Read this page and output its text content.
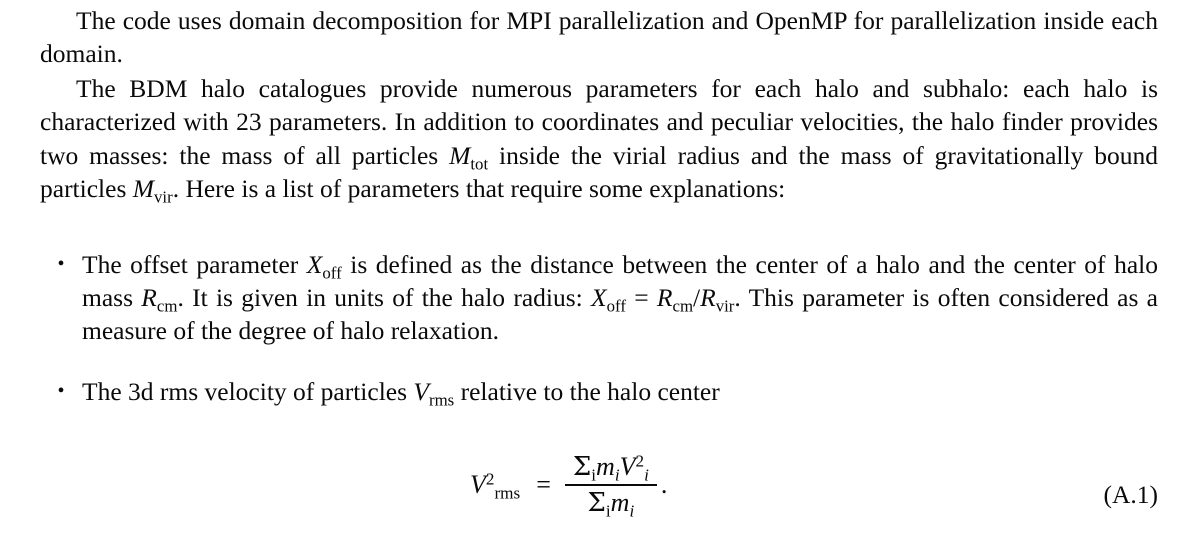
The code uses domain decomposition for MPI parallelization and OpenMP for parallelization inside each domain.

The BDM halo catalogues provide numerous parameters for each halo and subhalo: each halo is characterized with 23 parameters. In addition to coordinates and peculiar velocities, the halo finder provides two masses: the mass of all particles $M_{tot}$ inside the virial radius and the mass of gravitationally bound particles $M_{vir}$. Here is a list of parameters that require some explanations:

• The offset parameter $X_{off}$ is defined as the distance between the center of a halo and the center of halo mass $R_{cm}$. It is given in units of the halo radius: $X_{off} = R_{cm}/R_{vir}$. This parameter is often considered as a measure of the degree of halo relaxation.
• The 3d rms velocity of particles $V_{rms}$ relative to the halo center
$V^2_{rms} = \frac{\Sigma_im_iV^2_i}{\Sigma_im_i}$ .	(A.1)
